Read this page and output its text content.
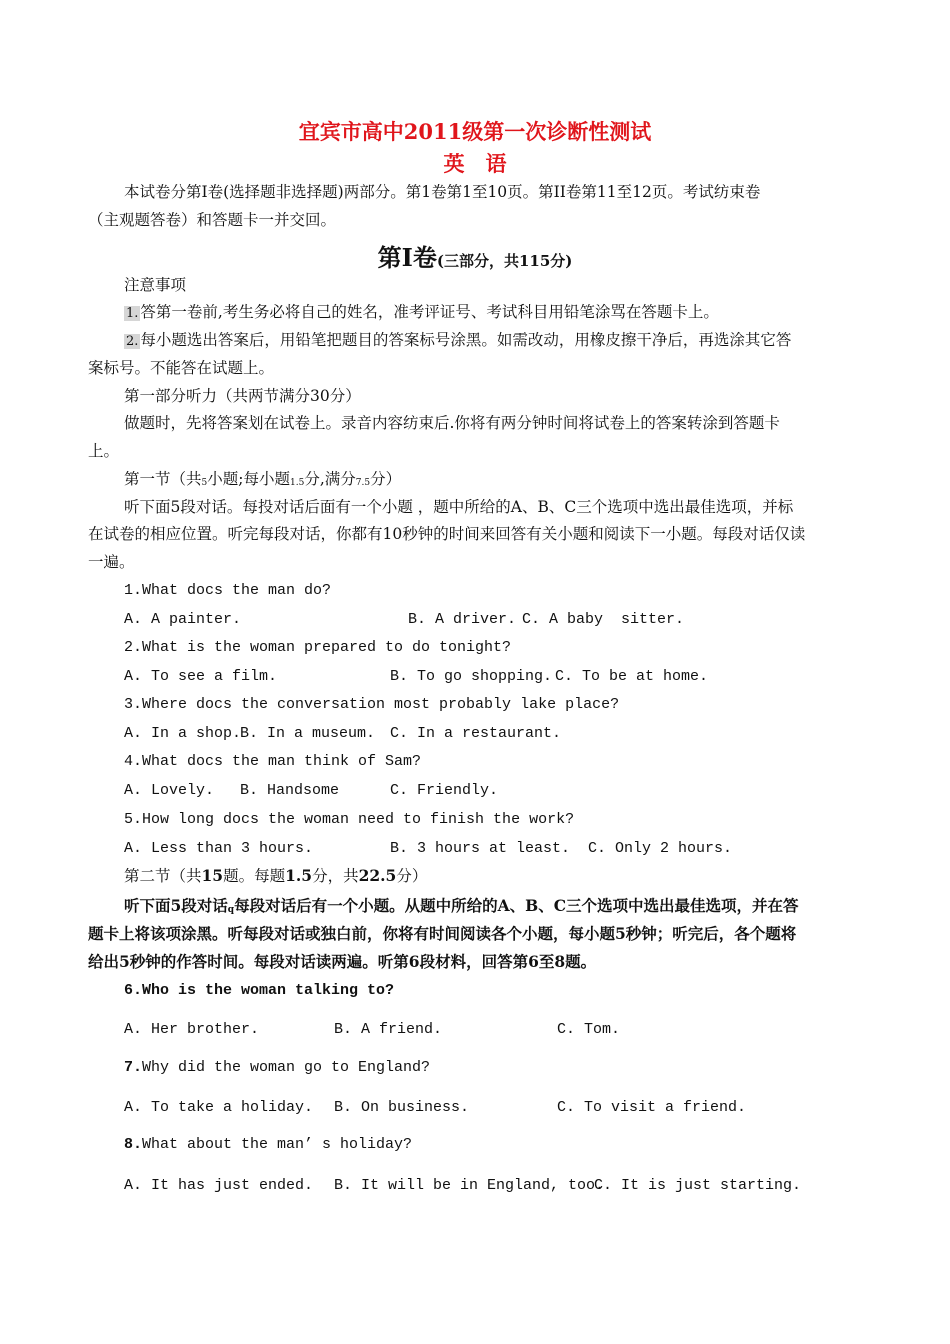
宜宾市高中2011级第一次诊断性测试
英　语
本试卷分第Ⅰ卷(选择题非选择题)两部分。第1卷第1至10页。第II卷第11至12页。考试纺束卷
（主观题答卷）和答题卡一并交回。
第Ⅰ卷(三部分，共115分)
注意事项
1. 答第一卷前,考生务必将自己的姓名，准考评证号、考试科目用铅笔涂骂在答题卡上。
2. 每小题选出答案后，用铅笔把题目的答案标号涂黑。如需改动，用橡皮擦干净后，再选涂其它答
案标号。不能答在试题上。
第一部分听力（共两节满分30分）
做题时，先将答案划在试卷上。录音内容纺束后.你将有两分钟时间将试卷上的答案转涂到答题卡
上。
第一节（共5小题;每小题1.5分,满分7.5分）
听下面5段对话。每投对话后面有一个小题 ，题中所给的A、B、C三个选项中选出最佳选项，并标
在试卷的相应位置。听完每段对话，你都有10秒钟的时间来回答有关小题和阅读下一小题。每段对话仅读
一遍。
1.What docs the man do?
A. A painter.	B. A driver. C. A baby  sitter.
2.What is the woman prepared to do tonight?
A. To see a film.	B. To go shopping. C. To be at home.
3.Where docs the conversation most probably lake place?
A. In a shop.
B. In a museum. C. In a restaurant.
4.What docs the man think of Sam?
A. Lovely. B. Handsome	C. Friendly.
5.How long docs the woman need to finish the work?
A. Less than 3 hours.	B. 3 hours at least. C. Only 2 hours.
第二节（共15题。每题1.5分，共22.5分）
听下面5段对话q每段对话后有一个小题。从题中所给的A、B、C三个选项中选出最佳选项，并在答
题卡上将该项涂黑。听每段对话或独白前，你将有时间阅读各个小题，每小题5秒钟；听完后，各个题将
给出5秒钟的作答时间。每段对话读两遍。听第6段材料，回答第6至8题。
6.Who is the woman talking to?
A. Her brother.	B. A friend.	C. Tom.
7.Why did the woman go to England?
A. To take a holiday. B. On business.	C. To visit a friend.
8.What about the man’ s holiday?
A. It has just ended. B. It will be in England, too.
C. It is just starting.
